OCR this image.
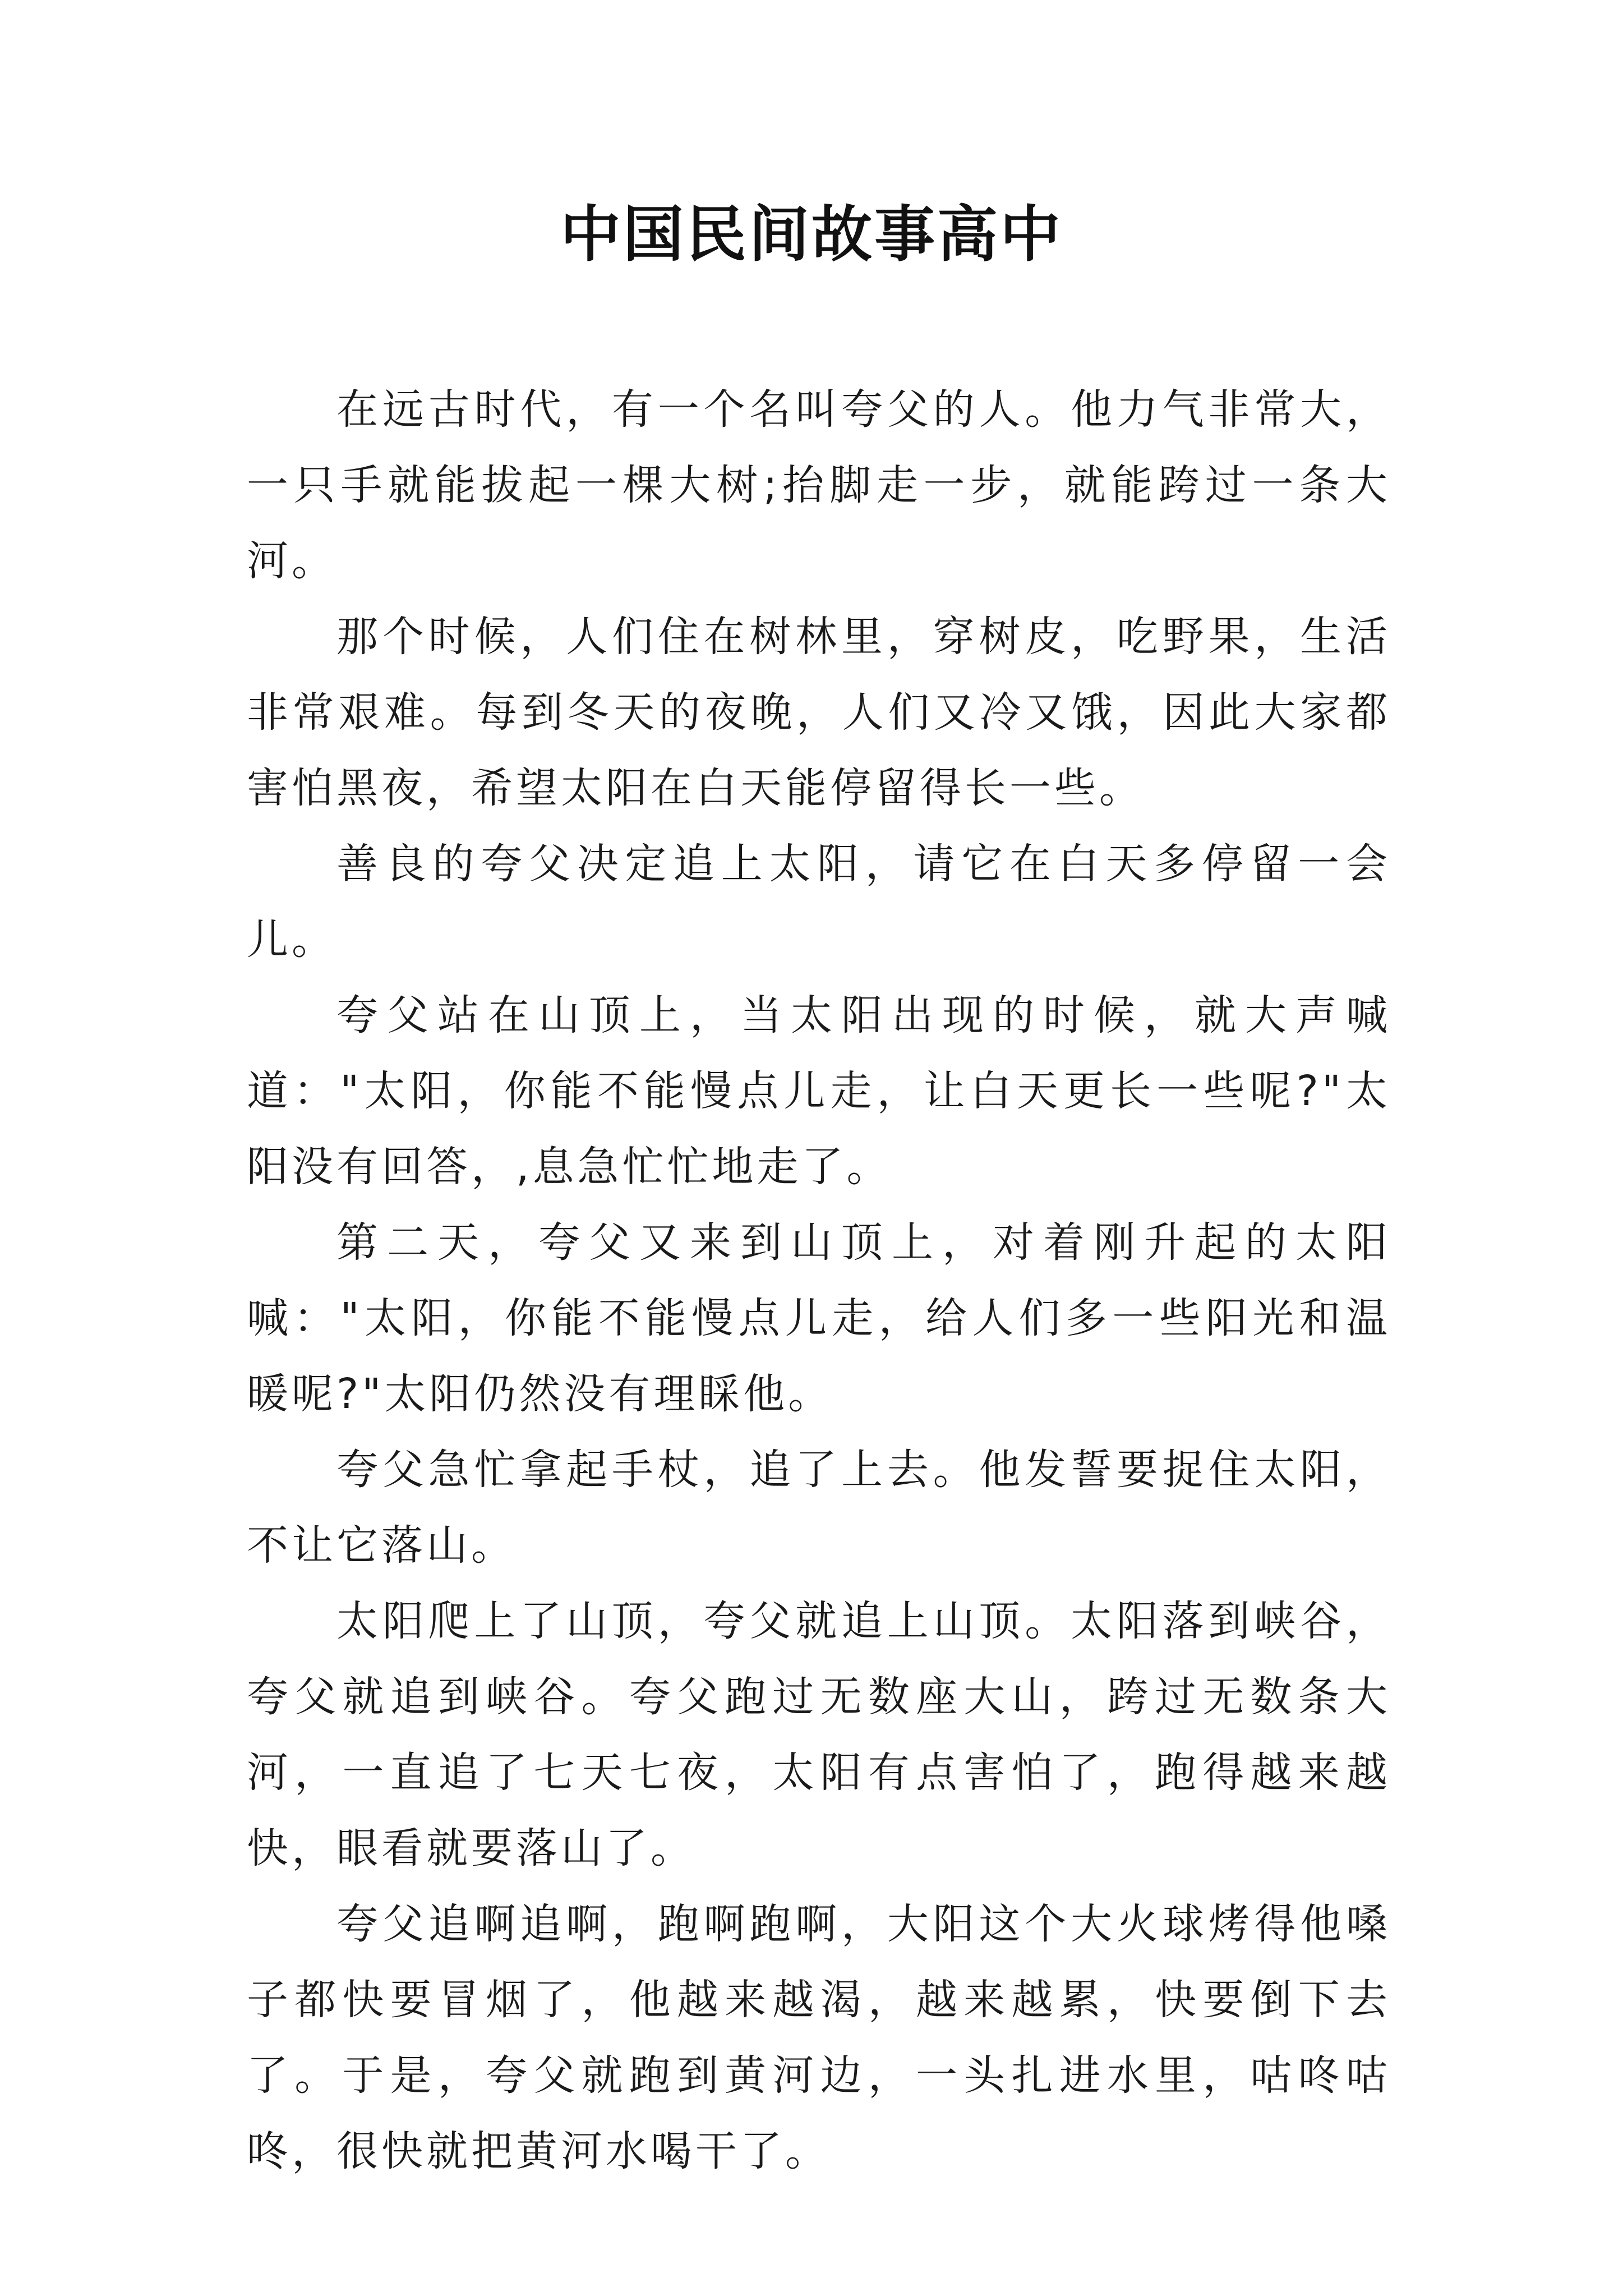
中国民间故事高中

在远古时代，有一个名叫夸父的人。他力气非常大，一只手就能拔起一棵大树;抬脚走一步，就能跨过一条大河。

那个时候，人们住在树林里，穿树皮，吃野果，生活非常艰难。每到冬天的夜晚，人们又冷又饿，因此大家都害怕黑夜，希望太阳在白天能停留得长一些。

善良的夸父决定追上太阳，请它在白天多停留一会儿。

夸父站在山顶上，当太阳出现的时候，就大声喊道："太阳，你能不能慢点儿走，让白天更长一些呢?"太阳没有回答，,息急忙忙地走了。

第二天，夸父又来到山顶上，对着刚升起的太阳喊："太阳，你能不能慢点儿走，给人们多一些阳光和温暖呢?"太阳仍然没有理睬他。

夸父急忙拿起手杖，追了上去。他发誓要捉住太阳，不让它落山。

太阳爬上了山顶，夸父就追上山顶。太阳落到峡谷，夸父就追到峡谷。夸父跑过无数座大山，跨过无数条大河，一直追了七天七夜，太阳有点害怕了，跑得越来越快，眼看就要落山了。

夸父追啊追啊，跑啊跑啊，大阳这个大火球烤得他嗓子都快要冒烟了，他越来越渴，越来越累，快要倒下去了。于是，夸父就跑到黄河边，一头扎进水里，咕咚咕咚，很快就把黄河水喝干了。
